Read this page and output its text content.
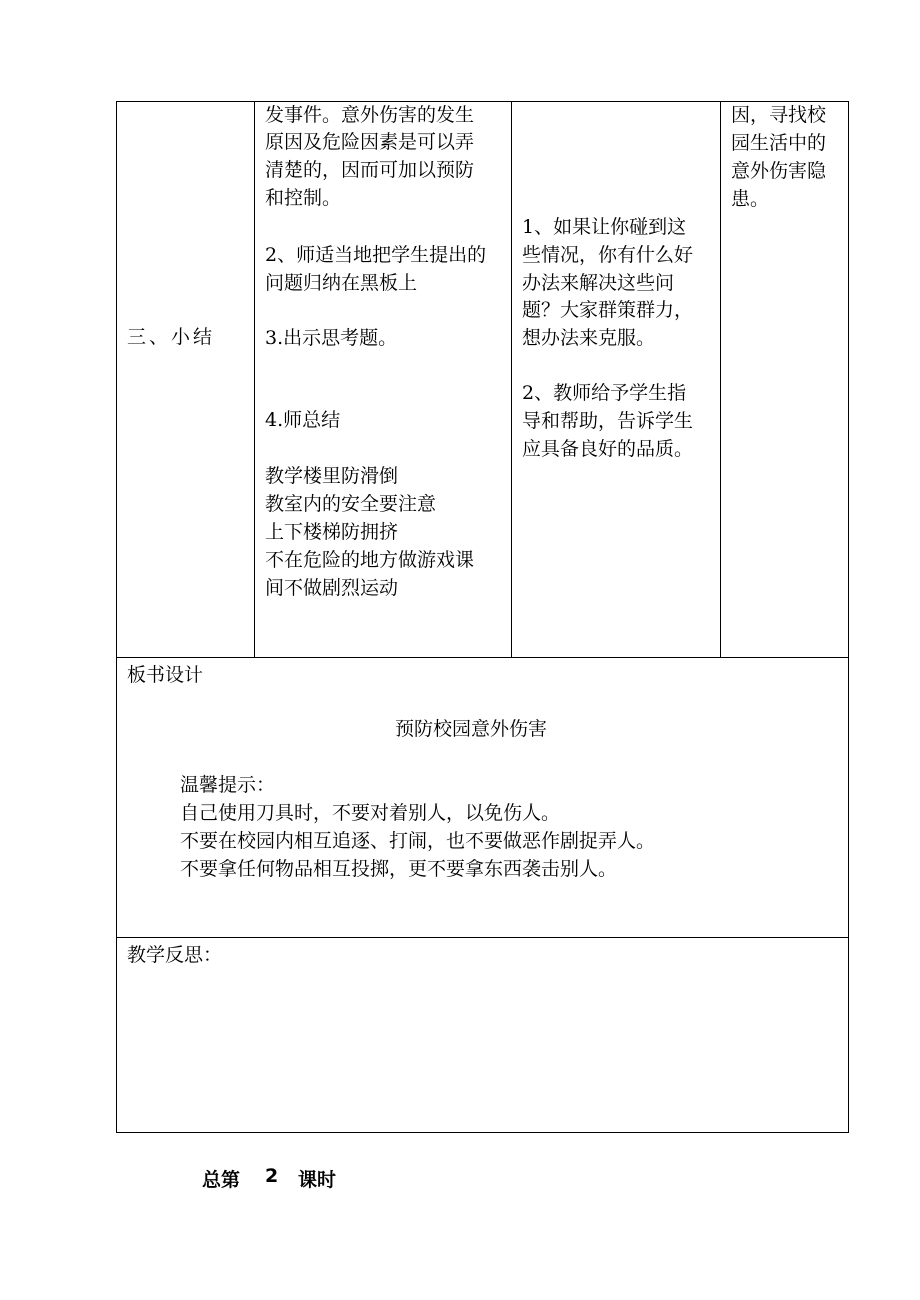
三、小结
发事件。意外伤害的发生
原因及危险因素是可以弄
清楚的，因而可加以预防
和控制。
2、师适当地把学生提出的
问题归纳在黑板上
3.出示思考题。
4.师总结
教学楼里防滑倒
教室内的安全要注意
上下楼梯防拥挤
不在危险的地方做游戏课
间不做剧烈运动
1、如果让你碰到这
些情况，你有什么好
办法来解决这些问
题？大家群策群力，
想办法来克服。
2、教师给予学生指
导和帮助，告诉学生
应具备良好的品质。
因，寻找校
园生活中的
意外伤害隐
患。
板书设计
预防校园意外伤害
温馨提示：
自己使用刀具时，不要对着别人，以免伤人。
不要在校园内相互追逐、打闹，也不要做恶作剧捉弄人。
不要拿任何物品相互投掷，更不要拿东西袭击别人。
教学反思：
总第 2 课时
